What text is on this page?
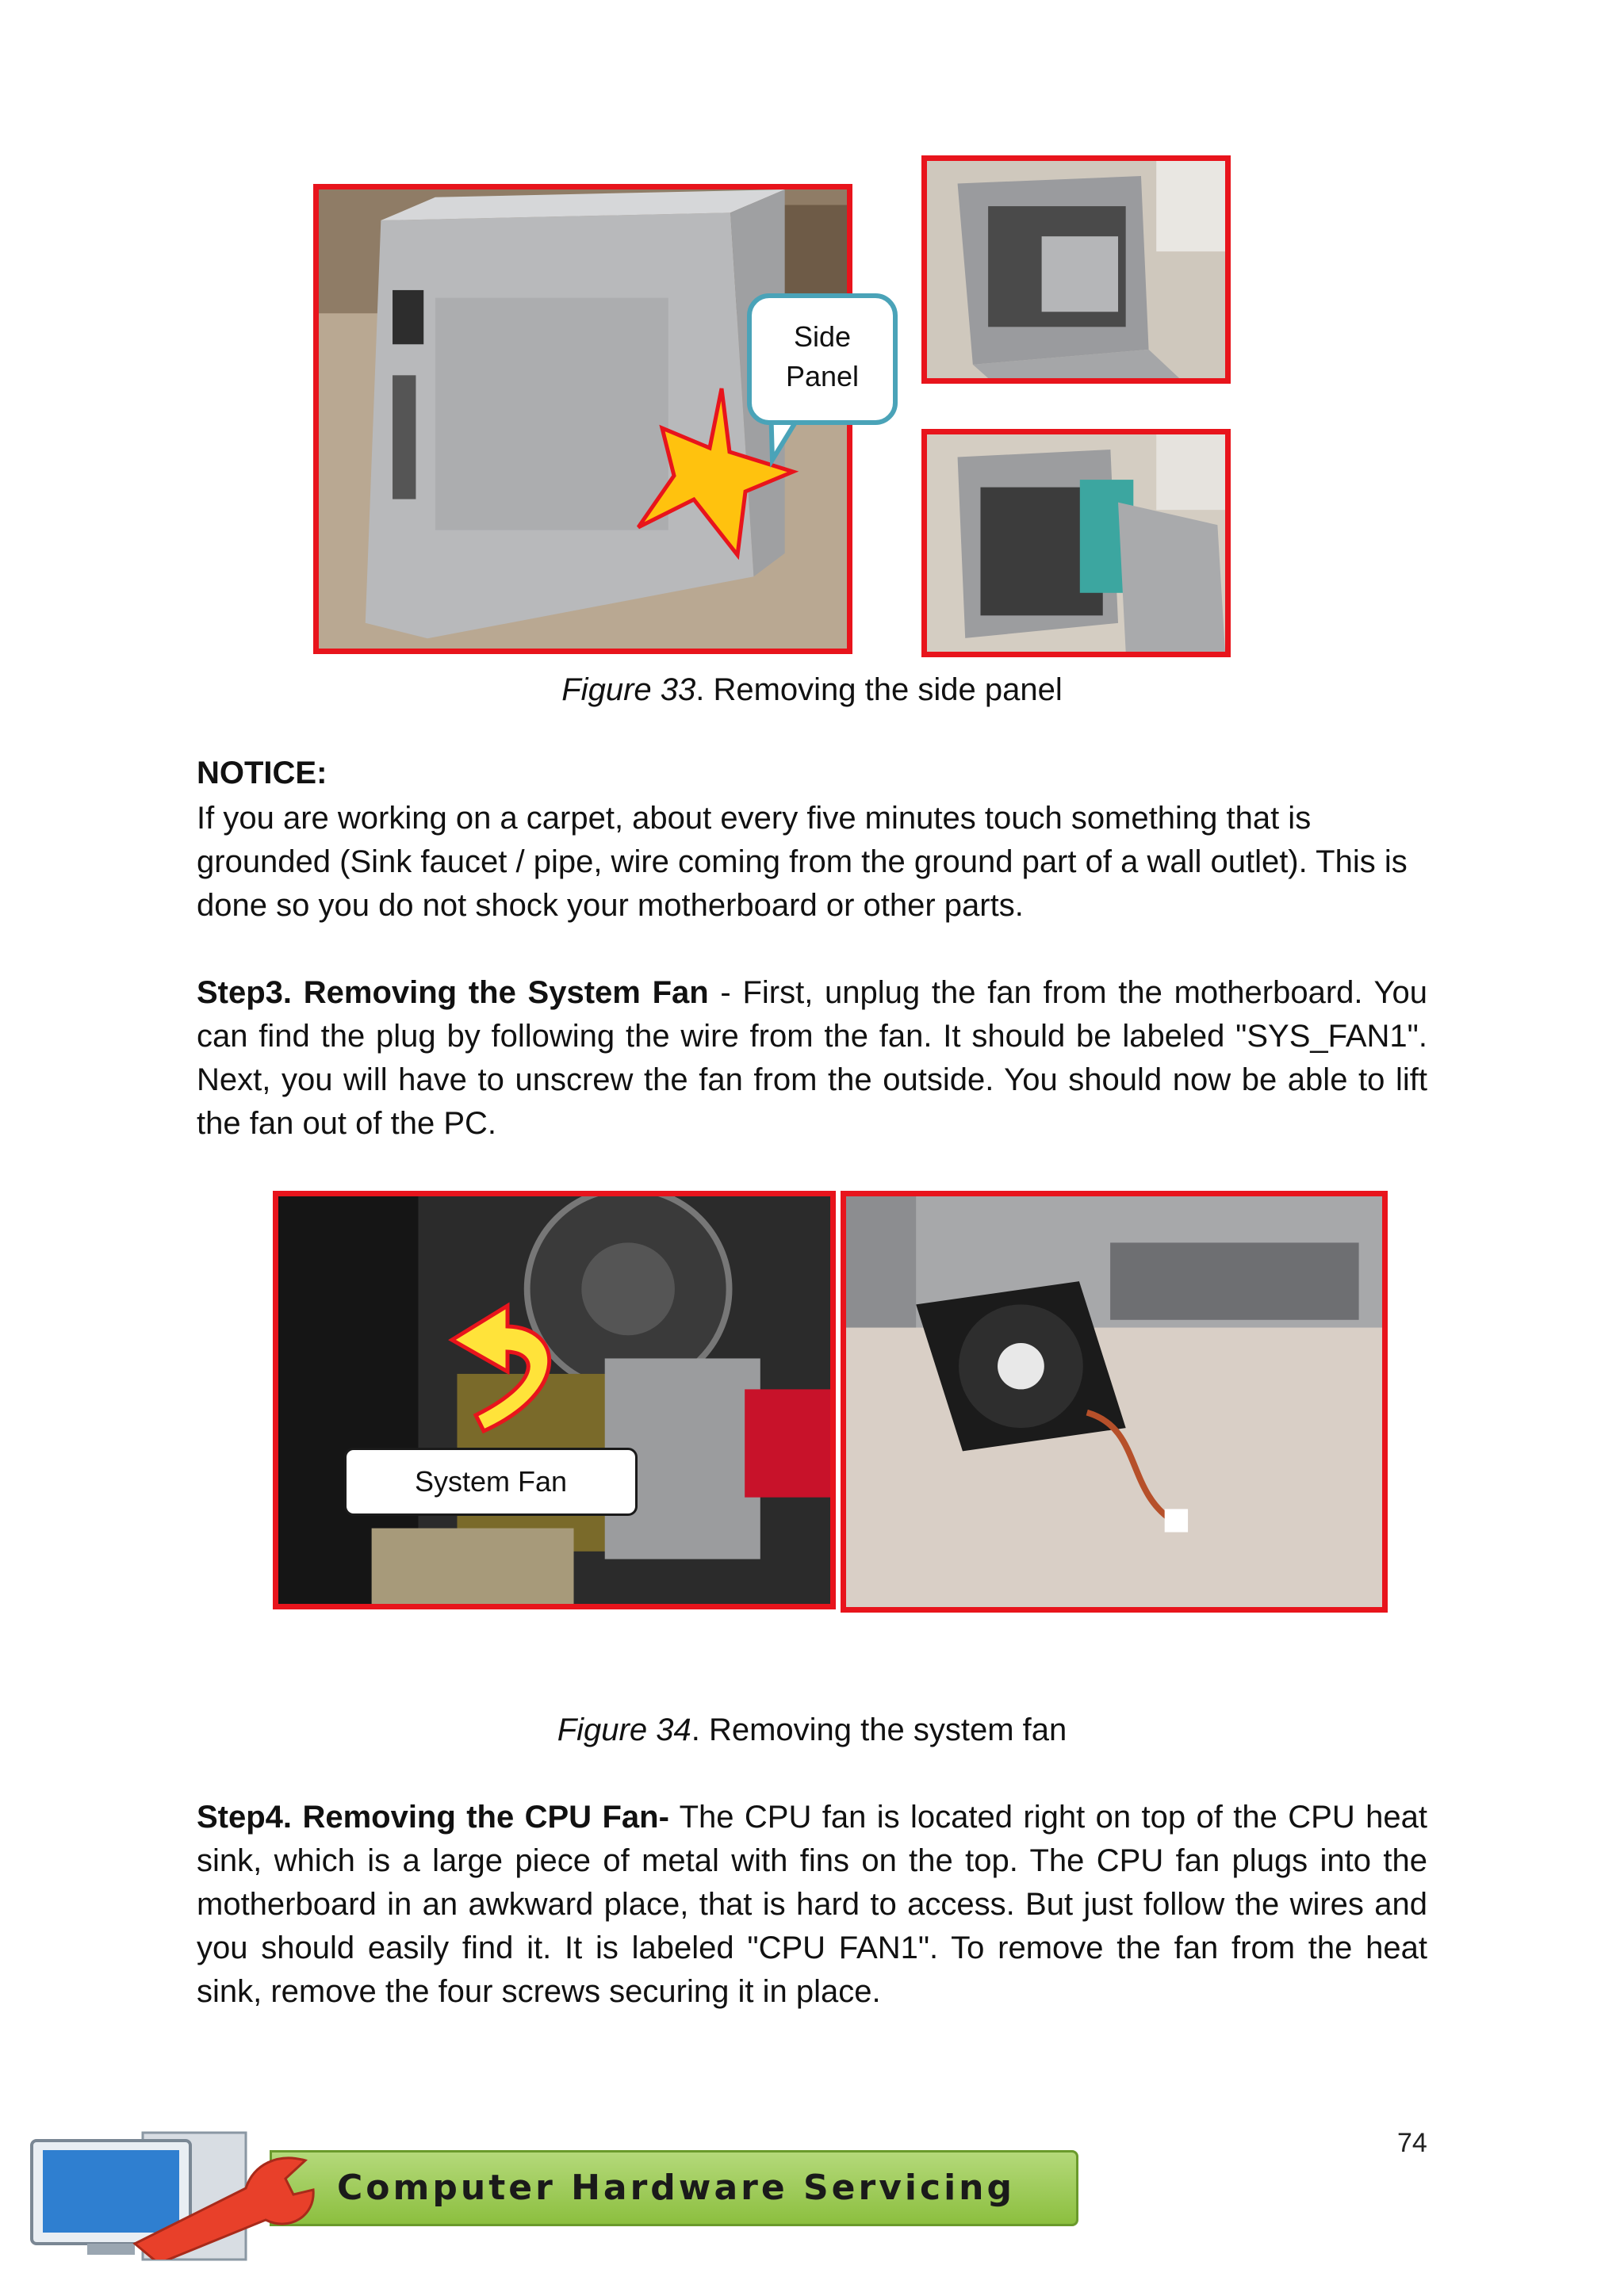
Side
Panel
Figure 33. Removing the side panel
NOTICE:

If you are working on a carpet, about every five minutes touch something that is grounded (Sink faucet / pipe, wire coming from the ground part of a wall outlet). This is done so you do not shock your motherboard or other parts.

Step3. Removing the System Fan - First, unplug the fan from the motherboard. You can find the plug by following the wire from the fan. It should be labeled "SYS_FAN1". Next, you will have to unscrew the fan from the outside. You should now be able to lift the fan out of the PC.

System Fan
Figure 34. Removing the system fan

Step4. Removing the CPU Fan- The CPU fan is located right on top of the CPU heat sink, which is a large piece of metal with fins on the top. The CPU fan plugs into the motherboard in an awkward place, that is hard to access. But just follow the wires and you should easily find it. It is labeled "CPU FAN1". To remove the fan from the heat sink, remove the four screws securing it in place.

74
Computer Hardware Servicing
